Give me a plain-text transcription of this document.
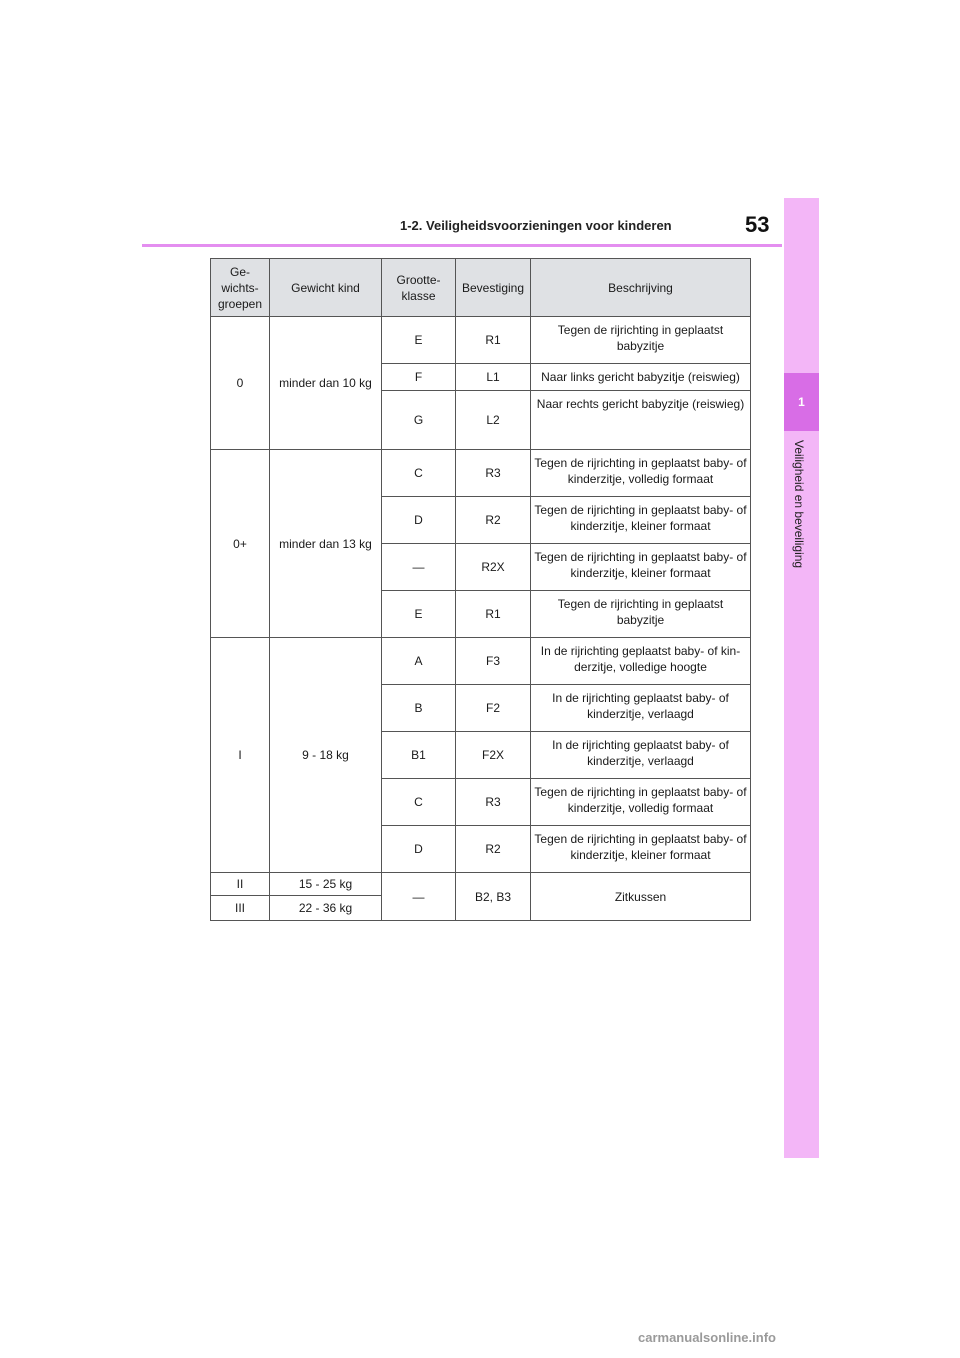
1-2. Veiligheidsvoorzieningen voor kinderen	53
1
Veiligheid en beveiliging
Ge-
wichts-
groepen	Gewicht kind	Grootte-
klasse	Bevestiging	Beschrijving
0	minder dan 10 kg	E	R1	Tegen de rijrichting in geplaatst babyzitje
		F	L1	Naar links gericht babyzitje (reiswieg)
		G	L2	Naar rechts gericht babyzitje (reiswieg)
0+	minder dan 13 kg	C	R3	Tegen de rijrichting in geplaatst baby- of kinderzitje, volledig formaat
		D	R2	Tegen de rijrichting in geplaatst baby- of kinderzitje, kleiner formaat
		—	R2X	Tegen de rijrichting in geplaatst baby- of kinderzitje, kleiner formaat
		E	R1	Tegen de rijrichting in geplaatst babyzitje
I	9 - 18 kg	A	F3	In de rijrichting geplaatst baby- of kin- derzitje, volledige hoogte
		B	F2	In de rijrichting geplaatst baby- of kinderzitje, verlaagd
		B1	F2X	In de rijrichting geplaatst baby- of kinderzitje, verlaagd
		C	R3	Tegen de rijrichting in geplaatst baby- of kinderzitje, volledig formaat
		D	R2	Tegen de rijrichting in geplaatst baby- of kinderzitje, kleiner formaat
II	15 - 25 kg	—	B2, B3	Zitkussen
III	22 - 36 kg			
carmanualsonline.info
